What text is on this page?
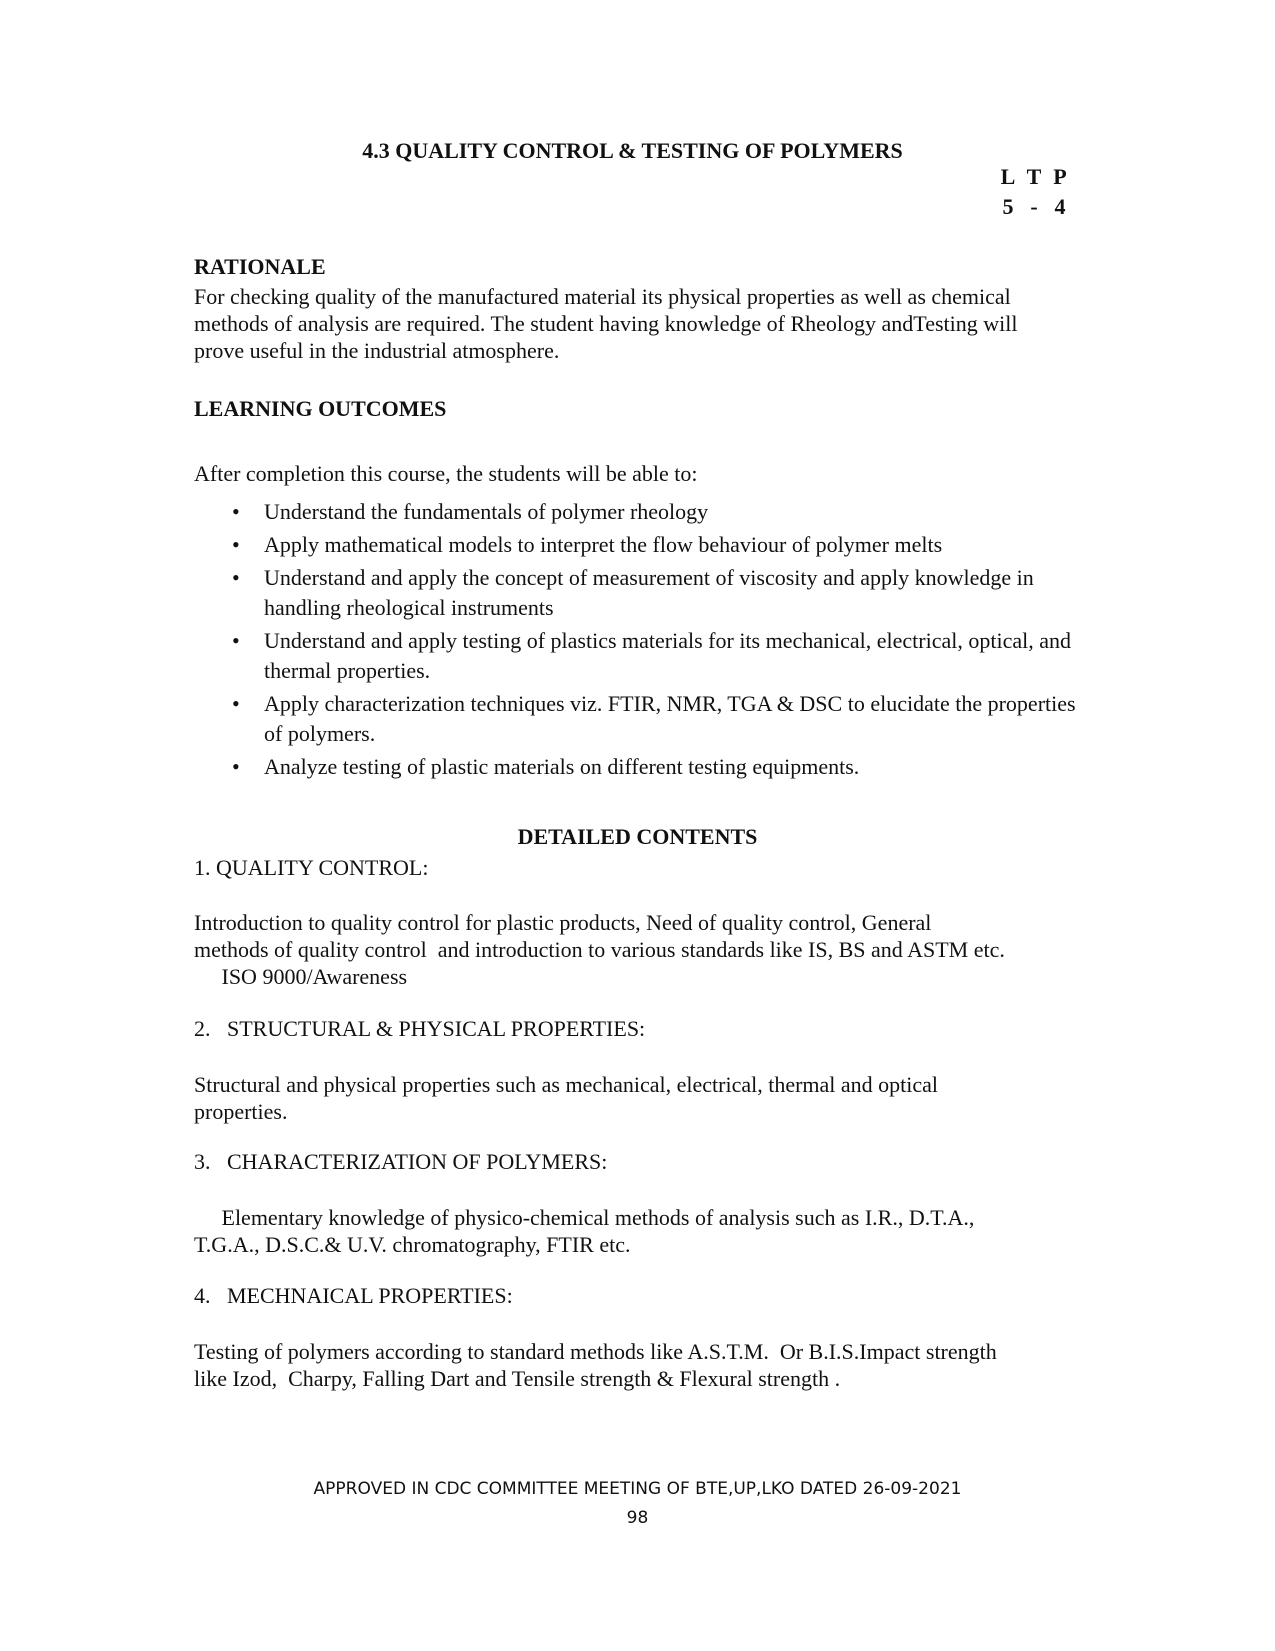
4.3 QUALITY CONTROL & TESTING OF POLYMERS
L T P
5 - 4
RATIONALE
For checking quality of the manufactured material its physical properties as well as chemical
methods of analysis are required. The student having knowledge of Rheology andTesting will
prove useful in the industrial atmosphere.
LEARNING OUTCOMES
After completion this course, the students will be able to:
• Understand the fundamentals of polymer rheology
• Apply mathematical models to interpret the flow behaviour of polymer melts
• Understand and apply the concept of measurement of viscosity and apply knowledge in handling rheological instruments
• Understand and apply testing of plastics materials for its mechanical, electrical, optical, and thermal properties.
• Apply characterization techniques viz. FTIR, NMR, TGA & DSC to elucidate the properties of polymers.
• Analyze testing of plastic materials on different testing equipments.
DETAILED CONTENTS
1. QUALITY CONTROL:
Introduction to quality control for plastic products, Need of quality control, General
methods of quality control  and introduction to various standards like IS, BS and ASTM etc.
ISO 9000/Awareness
2.   STRUCTURAL & PHYSICAL PROPERTIES:
Structural and physical properties such as mechanical, electrical, thermal and optical
properties.
3.   CHARACTERIZATION OF POLYMERS:
Elementary knowledge of physico-chemical methods of analysis such as I.R., D.T.A.,
T.G.A., D.S.C.& U.V. chromatography, FTIR etc.
4.   MECHNAICAL PROPERTIES:
Testing of polymers according to standard methods like A.S.T.M.  Or B.I.S.Impact strength
like Izod,  Charpy, Falling Dart and Tensile strength & Flexural strength .
APPROVED IN CDC COMMITTEE MEETING OF BTE,UP,LKO DATED 26-09-2021
98
